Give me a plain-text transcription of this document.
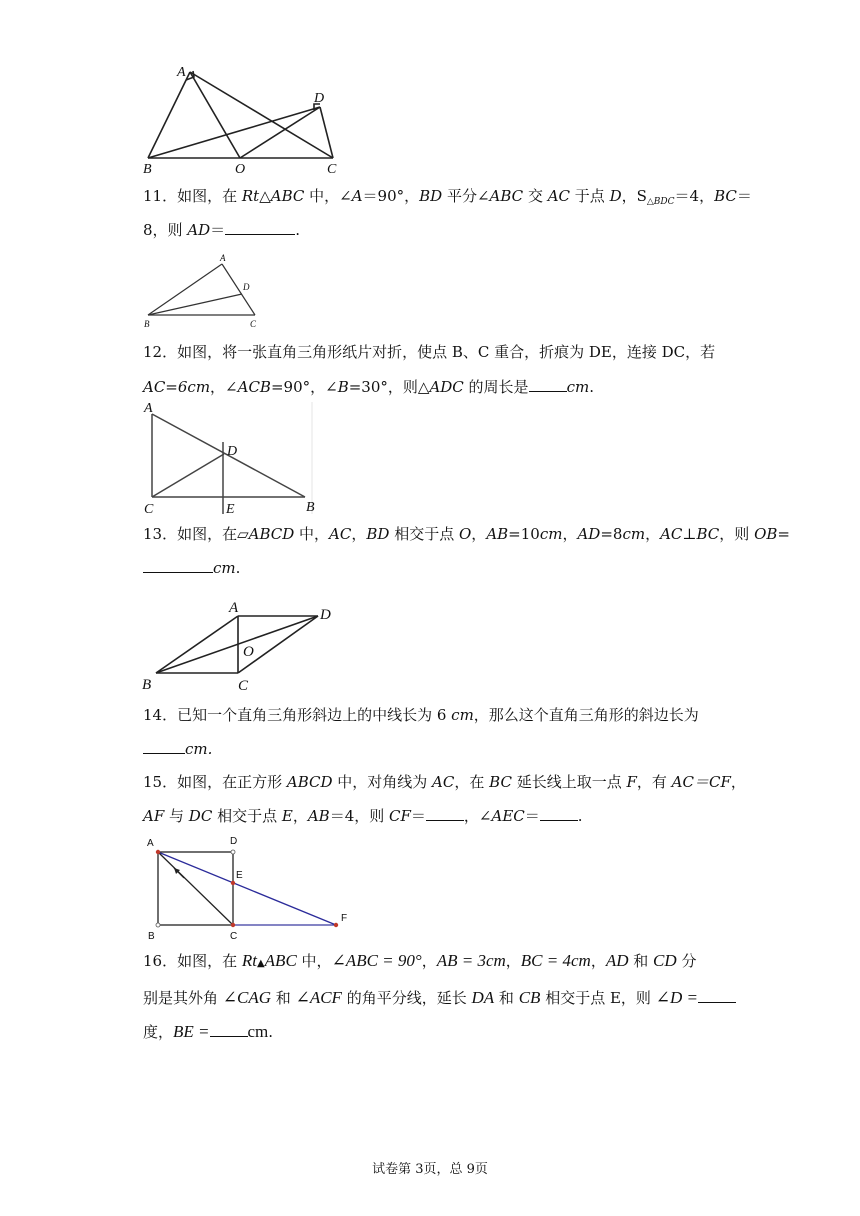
A
D
B	O	C
11．如图，在 Rt△ABC 中，∠A＝90°，BD 平分∠ABC 交 AC 于点 D，$S_{\triangle BDC}=4$，BC＝
8，则 AD＝	.
A
D
B	C
12．如图，将一张直角三角形纸片对折，使点 B、C 重合，折痕为 DE，连接 DC，若
AC=6cm，∠ACB=90°，∠B=30°，则△ADC 的周长是	cm.
A
D
C	E	B
13．如图，在▱ABCD 中，AC，BD 相交于点 O，AB=10cm，AD=8cm，AC⊥BC，则 OB=
cm.
A	D
O
B	C
14．已知一个直角三角形斜边上的中线长为 6 cm，那么这个直角三角形的斜边长为
cm.
15．如图，在正方形 ABCD 中，对角线为 AC，在 BC 延长线上取一点 F，有 AC＝CF，
AF 与 DC 相交于点 E，AB＝4，则 CF＝	，∠AEC＝	.
A	D
E
B	C
F
16．如图，在 Rt▲ABC 中，∠ABC = 90°，AB = 3cm，BC = 4cm，AD 和 CD 分
别是其外角 ∠CAG 和 ∠ACF 的角平分线，延长 DA 和 CB 相交于点 E，则 ∠D =
度，BE = cm.
试卷第 3页，总 9页
